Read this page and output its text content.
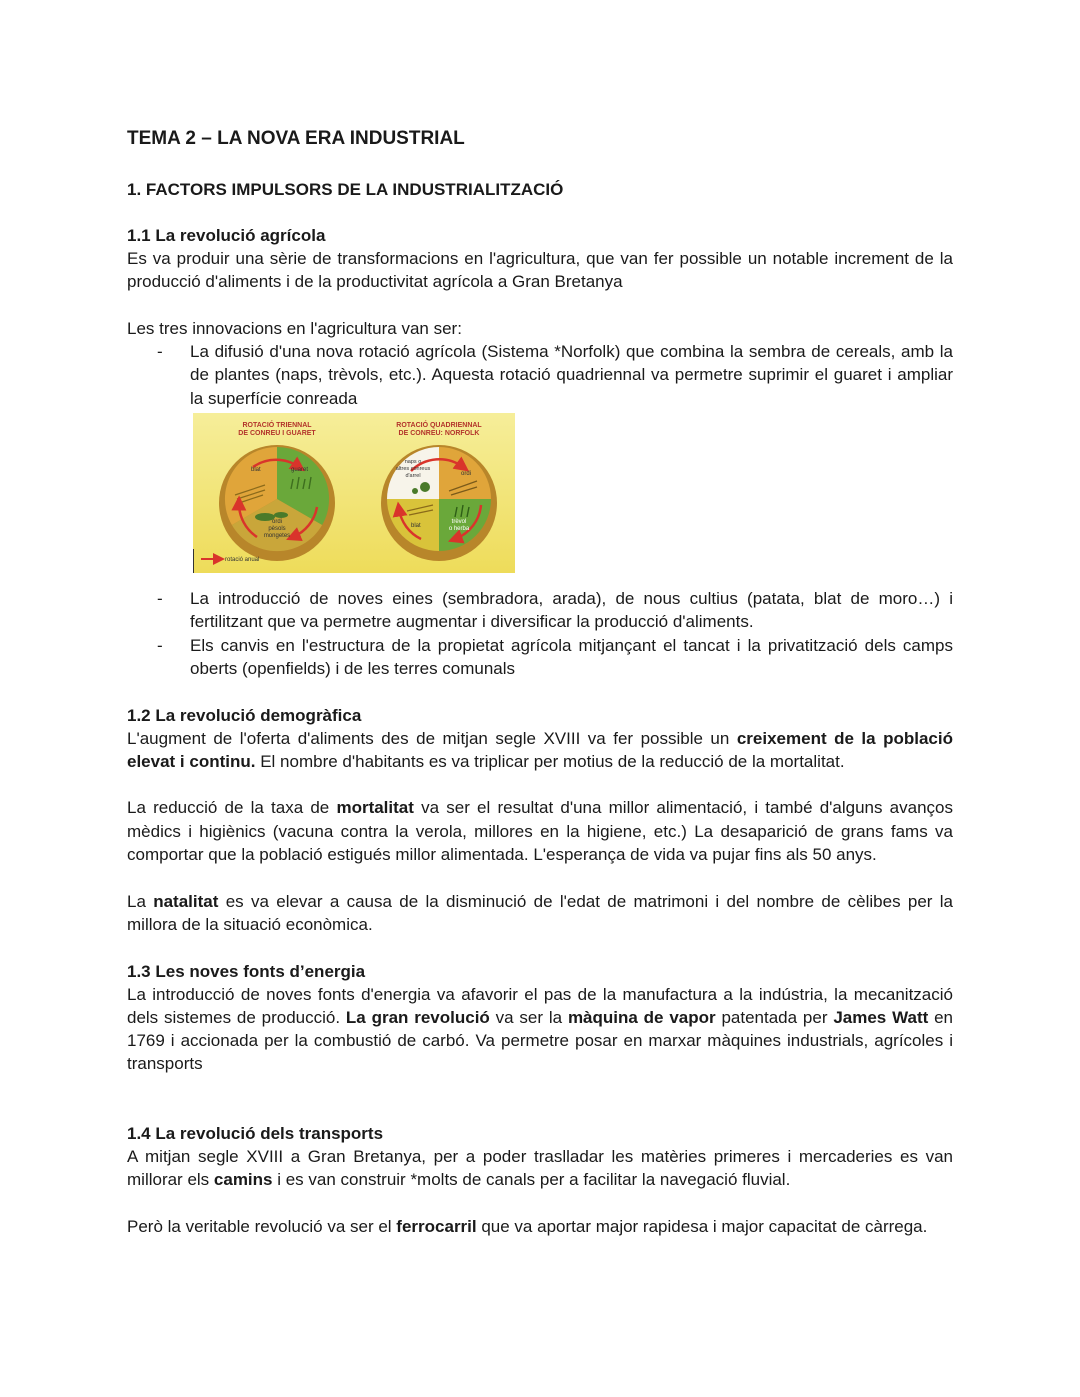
TEMA 2 – LA NOVA ERA INDUSTRIAL
1. FACTORS IMPULSORS DE LA INDUSTRIALITZACIÓ
1.1 La revolució agrícola

Es va produir una sèrie de transformacions en l'agricultura, que van fer possible un notable increment de la producció d'aliments i de la productivitat agrícola a Gran Bretanya

Les tres innovacions en l'agricultura van ser:

- La difusió d'una nova rotació agrícola (Sistema *Norfolk) que combina la sembra de cereals, amb la de plantes (naps, trèvols, etc.). Aquesta rotació quadriennal va permetre suprimir el guaret i ampliar la superfície conreada
ROTACIÓ TRIENNAL
DE CONREU I GUARET
ROTACIÓ QUADRIENNAL
DE CONREU: NORFOLK
blat	guaret
ordi
pèsols
mongetes
naps o
altres conreus
d'arrel	ordi
blat
trèvol
o herba
rotació anual
- La introducció de noves eines (sembradora, arada), de nous cultius (patata, blat de moro…) i fertilitzant que va permetre augmentar i diversificar la producció d'aliments.
- Els canvis en l'estructura de la propietat agrícola mitjançant el tancat i la privatització dels camps oberts (openfields) i de les terres comunals
1.2 La revolució demogràfica

L'augment de l'oferta d'aliments des de mitjan segle XVIII va fer possible un creixement de la població elevat i continu. El nombre d'habitants es va triplicar per motius de la reducció de la mortalitat.

La reducció de la taxa de mortalitat va ser el resultat d'una millor alimentació, i també d'alguns avanços mèdics i higiènics (vacuna contra la verola, millores en la higiene, etc.) La desaparició de grans fams va comportar que la població estigués millor alimentada. L'esperança de vida va pujar fins als 50 anys.

La natalitat es va elevar a causa de la disminució de l'edat de matrimoni i del nombre de cèlibes per la millora de la situació econòmica.

1.3 Les noves fonts d’energia

La introducció de noves fonts d'energia va afavorir el pas de la manufactura a la indústria, la mecanització dels sistemes de producció. La gran revolució va ser la màquina de vapor patentada per James Watt en 1769 i accionada per la combustió de carbó. Va permetre posar en marxar màquines industrials, agrícoles i transports

1.4 La revolució dels transports

A mitjan segle XVIII a Gran Bretanya, per a poder traslladar les matèries primeres i mercaderies es van millorar els camins i es van construir *molts de canals per a facilitar la navegació fluvial.

Però la veritable revolució va ser el ferrocarril que va aportar major rapidesa i major capacitat de càrrega.
